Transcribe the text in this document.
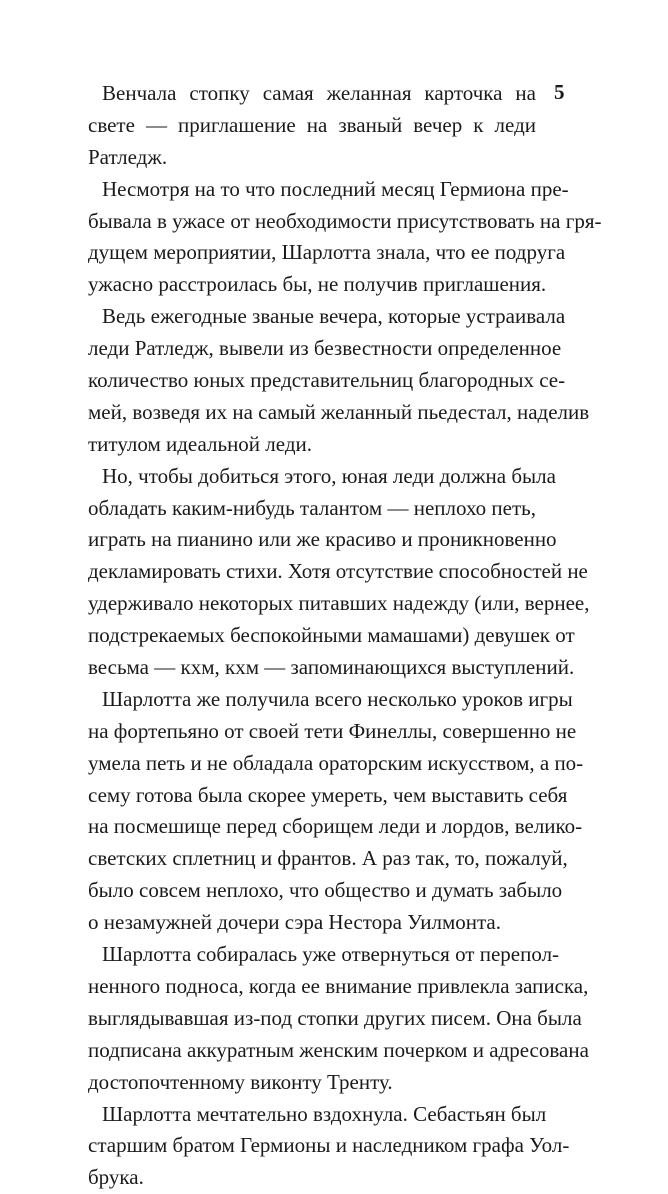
5
Венчала стопку самая желанная карточка на
свете — приглашение на званый вечер к леди
Ратледж.
Несмотря на то что последний месяц Гермиона пре-
бывала в ужасе от необходимости присутствовать на гря-
дущем мероприятии, Шарлотта знала, что ее подруга
ужасно расстроилась бы, не получив приглашения.
Ведь ежегодные званые вечера, которые устраивала
леди Ратледж, вывели из безвестности определенное
количество юных представительниц благородных се-
мей, возведя их на самый желанный пьедестал, наделив
титулом идеальной леди.
Но, чтобы добиться этого, юная леди должна была
обладать каким-нибудь талантом — неплохо петь,
играть на пианино или же красиво и проникновенно
декламировать стихи. Хотя отсутствие способностей не
удерживало некоторых питавших надежду (или, вернее,
подстрекаемых беспокойными мамашами) девушек от
весьма — кхм, кхм — запоминающихся выступлений.
Шарлотта же получила всего несколько уроков игры
на фортепьяно от своей тети Финеллы, совершенно не
умела петь и не обладала ораторским искусством, а по-
сему готова была скорее умереть, чем выставить себя
на посмешище перед сборищем леди и лордов, велико-
светских сплетниц и франтов. А раз так, то, пожалуй,
было совсем неплохо, что общество и думать забыло
о незамужней дочери сэра Нестора Уилмонта.
Шарлотта собиралась уже отвернуться от перепол-
ненного подноса, когда ее внимание привлекла записка,
выглядывавшая из-под стопки других писем. Она была
подписана аккуратным женским почерком и адресована
достопочтенному виконту Тренту.
Шарлотта мечтательно вздохнула. Себастьян был
старшим братом Гермионы и наследником графа Уол-
брука.
